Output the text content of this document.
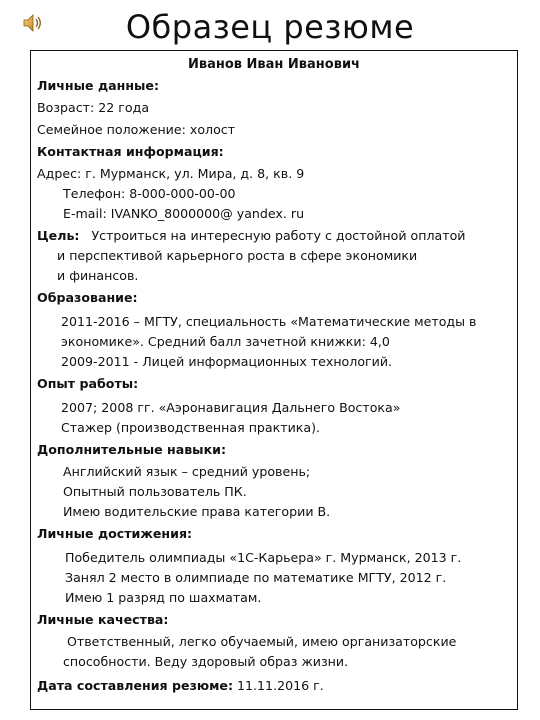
Образец резюме
Иванов Иван Иванович
Личные данные:
Возраст: 22 года
Семейное положение: холост
Контактная информация:
Адрес: г. Мурманск, ул. Мира, д. 8, кв. 9
Телефон: 8-000-000-00-00
E-mail: IVANKO_8000000@ yandex. ru
Цель: Устроиться на интересную работу с достойной оплатой
и перспективой карьерного роста в сфере экономики
и финансов.
Образование:
2011-2016 – МГТУ, специальность «Математические методы в
экономике». Средний балл зачетной книжки: 4,0
2009-2011 - Лицей информационных технологий.
Опыт работы:
2007; 2008 гг. «Аэронавигация Дальнего Востока»
Стажер (производственная практика).
Дополнительные навыки:
Английский язык – средний уровень;
Опытный пользователь ПК.
Имею водительские права категории В.
Личные достижения:
Победитель олимпиады «1С-Карьера» г. Мурманск, 2013 г.
Занял 2 место в олимпиаде по математике МГТУ, 2012 г.
Имею 1 разряд по шахматам.
Личные качества:
Ответственный, легко обучаемый, имею организаторские
способности. Веду здоровый образ жизни.
Дата составления резюме: 11.11.2016 г.
